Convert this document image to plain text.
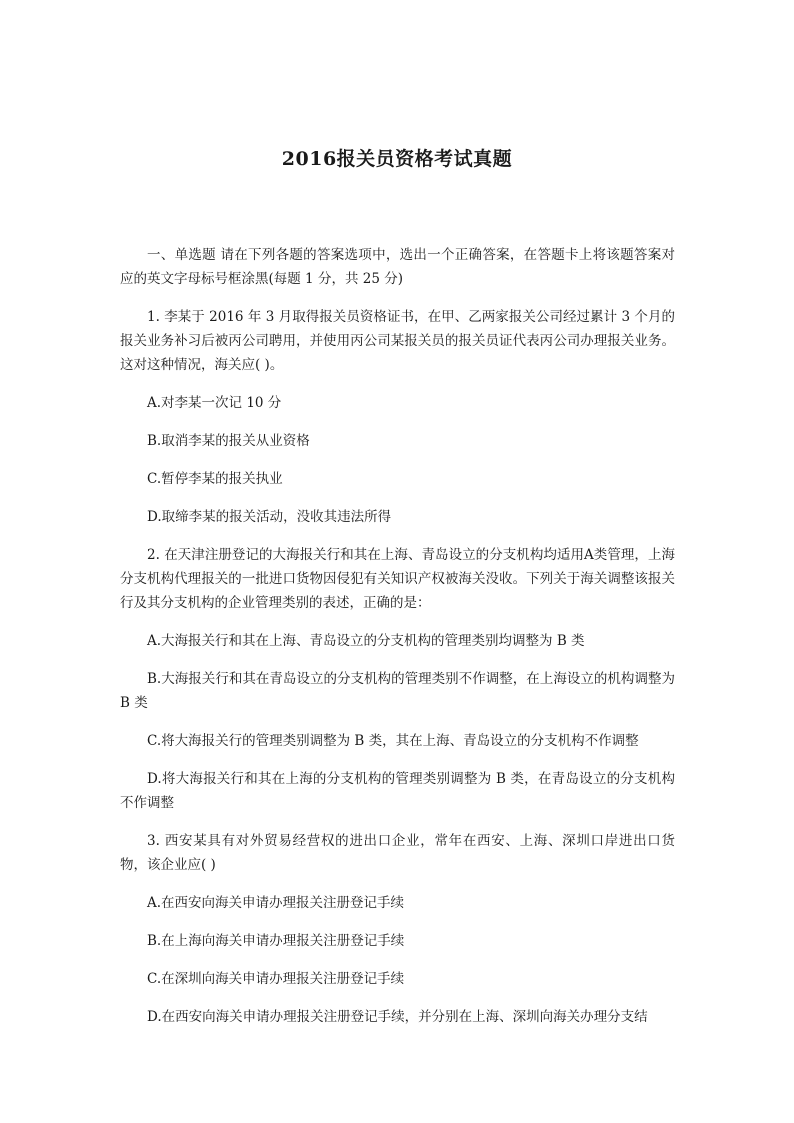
2016报关员资格考试真题

一、单选题 请在下列各题的答案选项中，选出一个正确答案，在答题卡上将该题答案对应的英文字母标号框涂黑(每题 1 分，共 25 分)

1. 李某于 2016 年 3 月取得报关员资格证书，在甲、乙两家报关公司经过累计 3 个月的报关业务补习后被丙公司聘用，并使用丙公司某报关员的报关员证代表丙公司办理报关业务。这对这种情况，海关应( )。

A.对李某一次记 10 分

B.取消李某的报关从业资格

C.暂停李某的报关执业

D.取缔李某的报关活动，没收其违法所得

2. 在天津注册登记的大海报关行和其在上海、青岛设立的分支机构均适用A类管理，上海分支机构代理报关的一批进口货物因侵犯有关知识产权被海关没收。下列关于海关调整该报关行及其分支机构的企业管理类别的表述，正确的是：

A.大海报关行和其在上海、青岛设立的分支机构的管理类别均调整为 B 类

B.大海报关行和其在青岛设立的分支机构的管理类别不作调整，在上海设立的机构调整为 B 类

C.将大海报关行的管理类别调整为 B 类，其在上海、青岛设立的分支机构不作调整

D.将大海报关行和其在上海的分支机构的管理类别调整为 B 类，在青岛设立的分支机构不作调整

3. 西安某具有对外贸易经营权的进出口企业，常年在西安、上海、深圳口岸进出口货物，该企业应( )

A.在西安向海关申请办理报关注册登记手续

B.在上海向海关申请办理报关注册登记手续

C.在深圳向海关申请办理报关注册登记手续

D.在西安向海关申请办理报关注册登记手续，并分别在上海、深圳向海关办理分支结
